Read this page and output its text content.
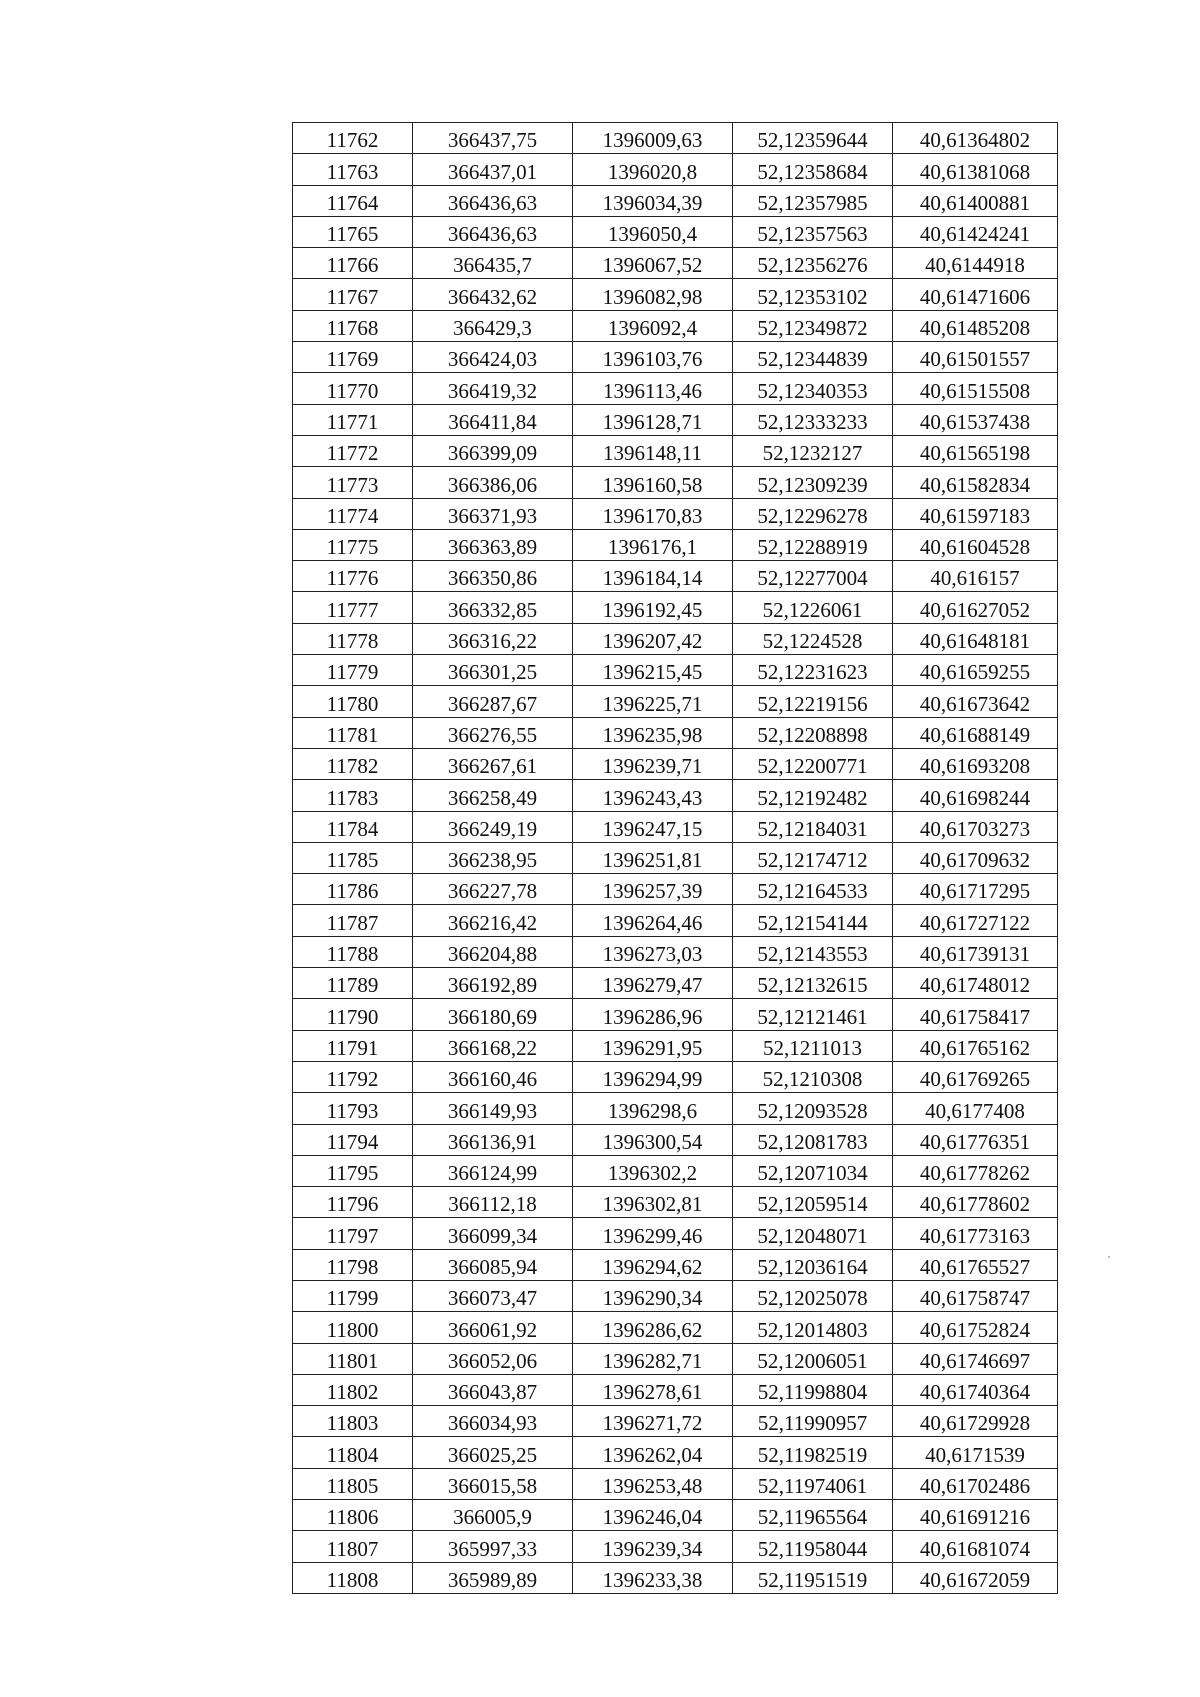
11762	366437,75	1396009,63	52,12359644	40,61364802
11763	366437,01	1396020,8	52,12358684	40,61381068
11764	366436,63	1396034,39	52,12357985	40,61400881
11765	366436,63	1396050,4	52,12357563	40,61424241
11766	366435,7	1396067,52	52,12356276	40,6144918
11767	366432,62	1396082,98	52,12353102	40,61471606
11768	366429,3	1396092,4	52,12349872	40,61485208
11769	366424,03	1396103,76	52,12344839	40,61501557
11770	366419,32	1396113,46	52,12340353	40,61515508
11771	366411,84	1396128,71	52,12333233	40,61537438
11772	366399,09	1396148,11	52,1232127	40,61565198
11773	366386,06	1396160,58	52,12309239	40,61582834
11774	366371,93	1396170,83	52,12296278	40,61597183
11775	366363,89	1396176,1	52,12288919	40,61604528
11776	366350,86	1396184,14	52,12277004	40,616157
11777	366332,85	1396192,45	52,1226061	40,61627052
11778	366316,22	1396207,42	52,1224528	40,61648181
11779	366301,25	1396215,45	52,12231623	40,61659255
11780	366287,67	1396225,71	52,12219156	40,61673642
11781	366276,55	1396235,98	52,12208898	40,61688149
11782	366267,61	1396239,71	52,12200771	40,61693208
11783	366258,49	1396243,43	52,12192482	40,61698244
11784	366249,19	1396247,15	52,12184031	40,61703273
11785	366238,95	1396251,81	52,12174712	40,61709632
11786	366227,78	1396257,39	52,12164533	40,61717295
11787	366216,42	1396264,46	52,12154144	40,61727122
11788	366204,88	1396273,03	52,12143553	40,61739131
11789	366192,89	1396279,47	52,12132615	40,61748012
11790	366180,69	1396286,96	52,12121461	40,61758417
11791	366168,22	1396291,95	52,1211013	40,61765162
11792	366160,46	1396294,99	52,1210308	40,61769265
11793	366149,93	1396298,6	52,12093528	40,6177408
11794	366136,91	1396300,54	52,12081783	40,61776351
11795	366124,99	1396302,2	52,12071034	40,61778262
11796	366112,18	1396302,81	52,12059514	40,61778602
11797	366099,34	1396299,46	52,12048071	40,61773163
11798	366085,94	1396294,62	52,12036164	40,61765527
11799	366073,47	1396290,34	52,12025078	40,61758747
11800	366061,92	1396286,62	52,12014803	40,61752824
11801	366052,06	1396282,71	52,12006051	40,61746697
11802	366043,87	1396278,61	52,11998804	40,61740364
11803	366034,93	1396271,72	52,11990957	40,61729928
11804	366025,25	1396262,04	52,11982519	40,6171539
11805	366015,58	1396253,48	52,11974061	40,61702486
11806	366005,9	1396246,04	52,11965564	40,61691216
11807	365997,33	1396239,34	52,11958044	40,61681074
11808	365989,89	1396233,38	52,11951519	40,61672059
